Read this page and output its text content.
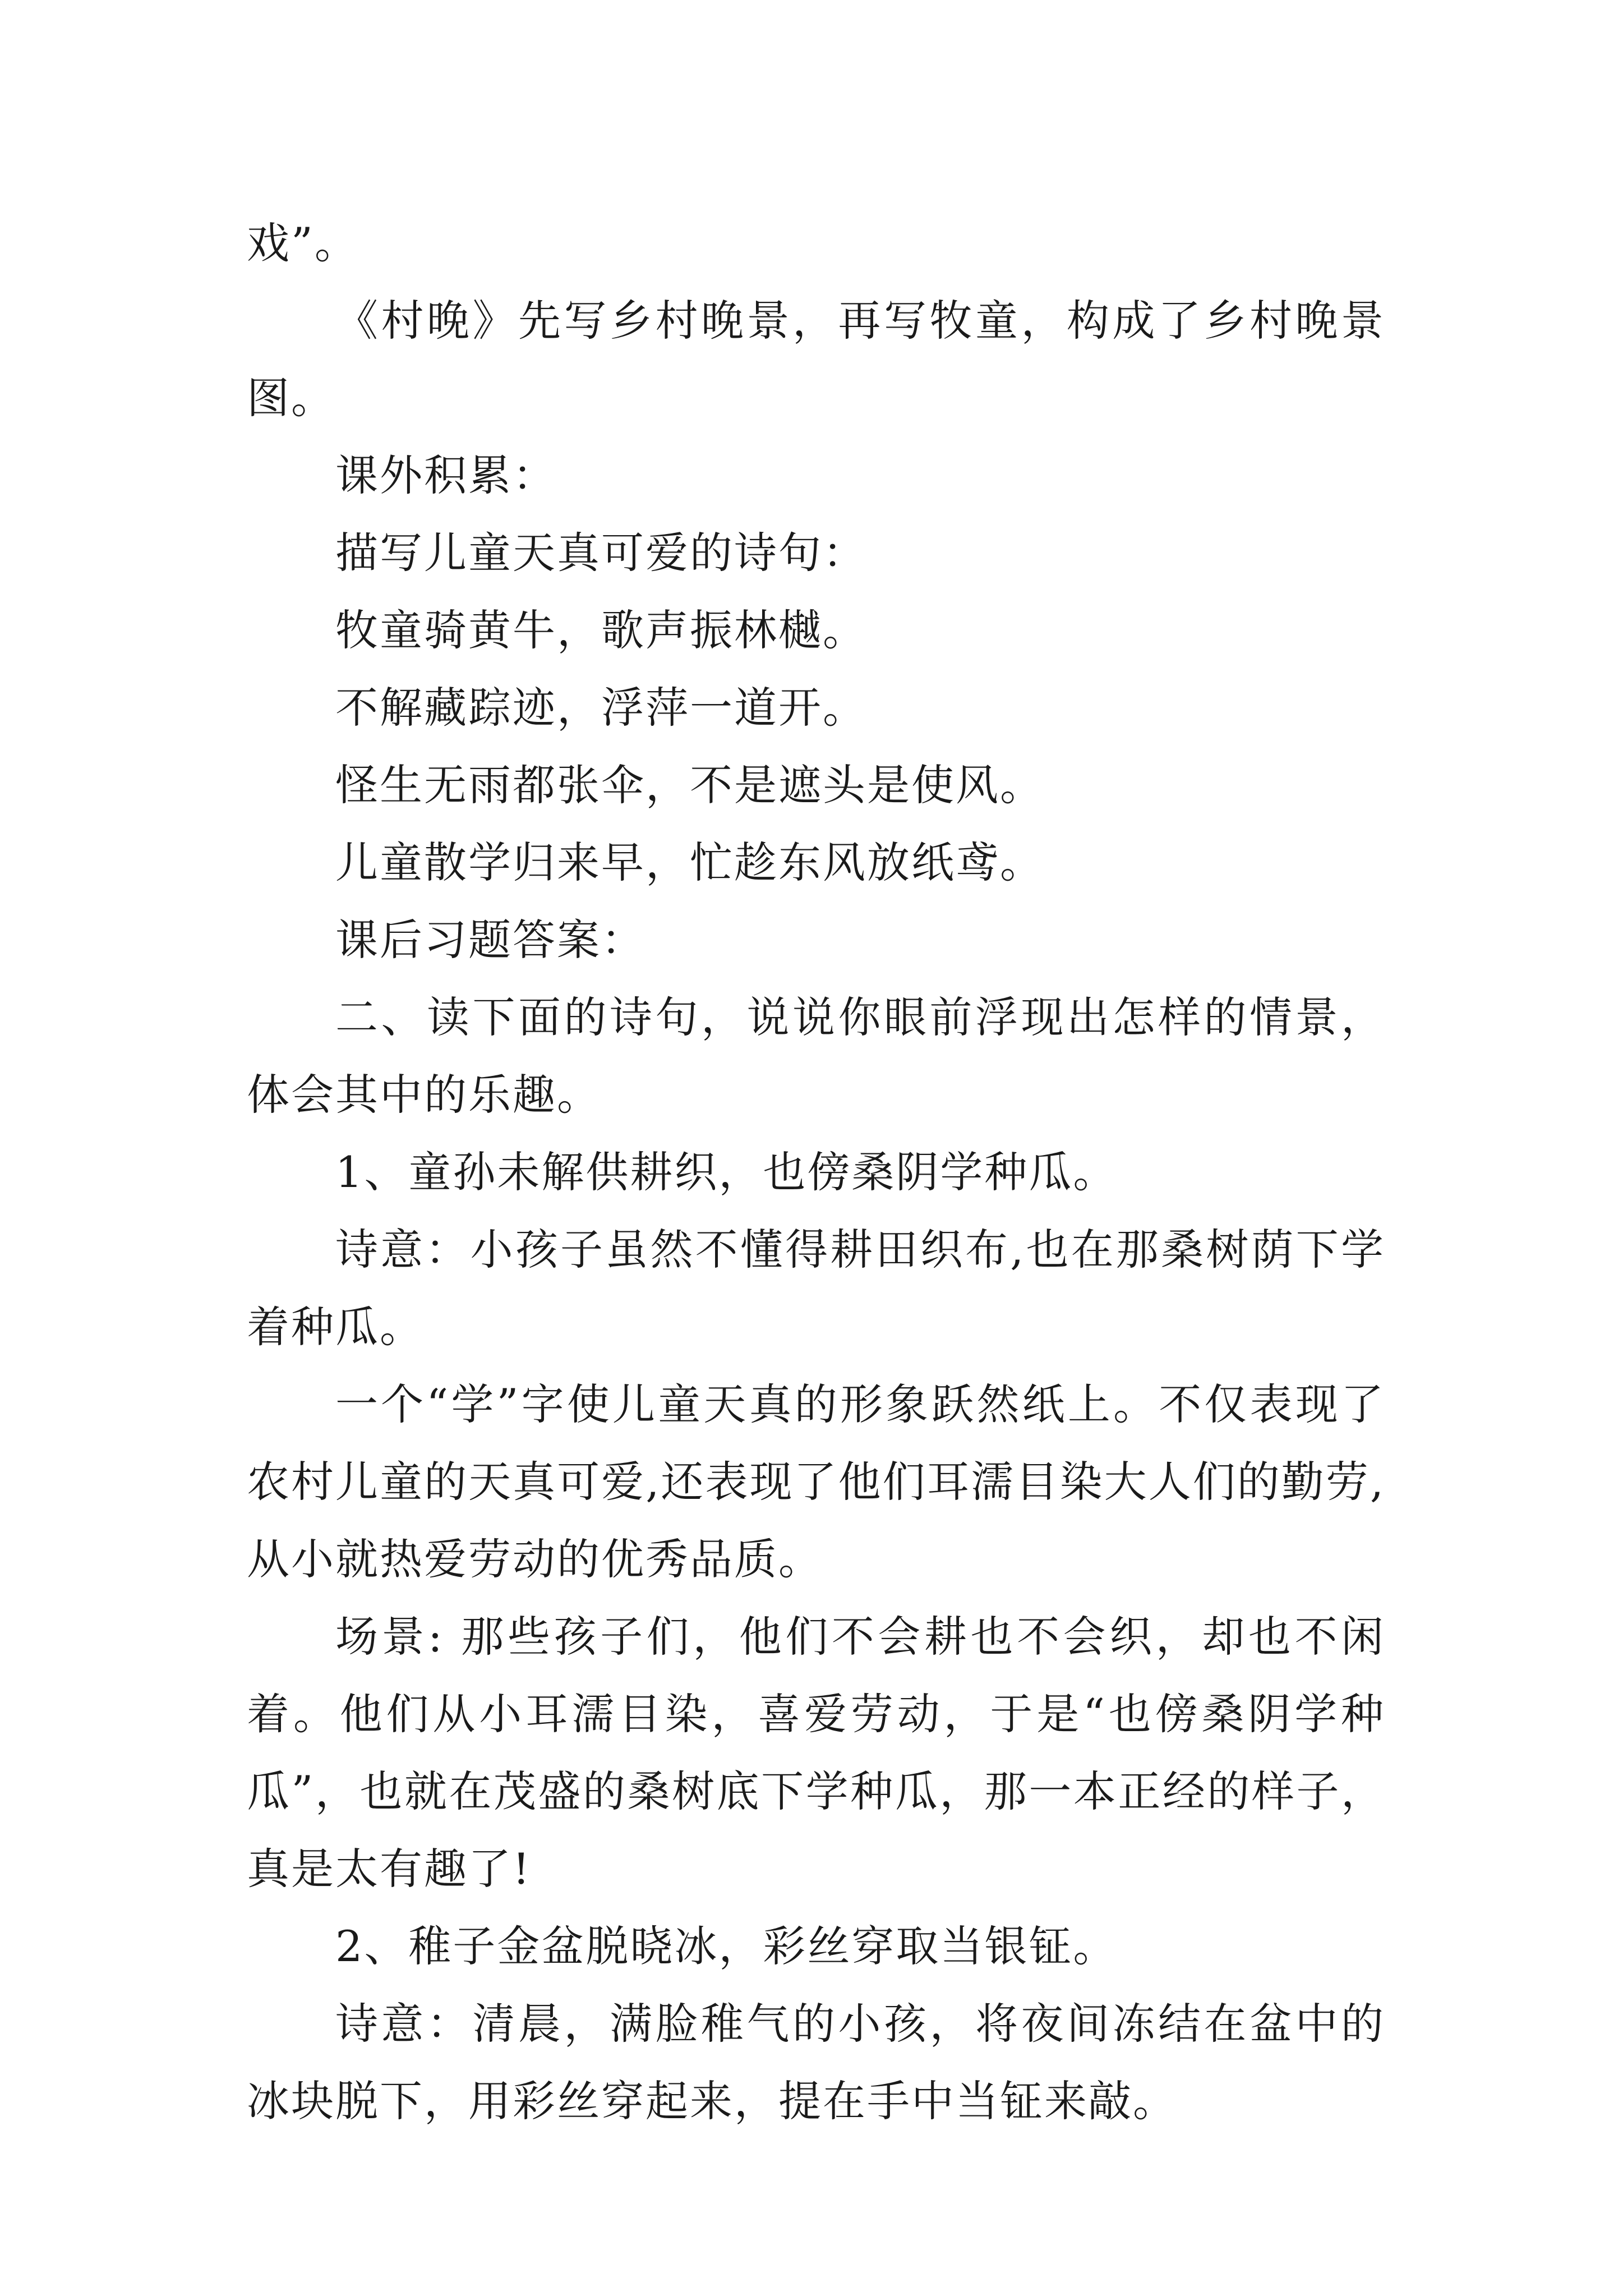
戏”。

《村晚》先写乡村晚景，再写牧童，构成了乡村晚景图。

课外积累：

描写儿童天真可爱的诗句：

牧童骑黄牛，歌声振林樾。

不解藏踪迹，浮萍一道开。

怪生无雨都张伞，不是遮头是使风。

儿童散学归来早，忙趁东风放纸鸢。

课后习题答案：

二、读下面的诗句，说说你眼前浮现出怎样的情景，体会其中的乐趣。

1、童孙未解供耕织，也傍桑阴学种瓜。

诗意：小孩子虽然不懂得耕田织布,也在那桑树荫下学着种瓜。

一个“学”字使儿童天真的形象跃然纸上。不仅表现了农村儿童的天真可爱,还表现了他们耳濡目染大人们的勤劳,从小就热爱劳动的优秀品质。

场景: 那些孩子们，他们不会耕也不会织，却也不闲着。他们从小耳濡目染，喜爱劳动，于是“也傍桑阴学种瓜”，也就在茂盛的桑树底下学种瓜，那一本正经的样子，真是太有趣了!

2、稚子金盆脱晓冰，彩丝穿取当银钲。

诗意：清晨，满脸稚气的小孩，将夜间冻结在盆中的冰块脱下，用彩丝穿起来，提在手中当钲来敲。
